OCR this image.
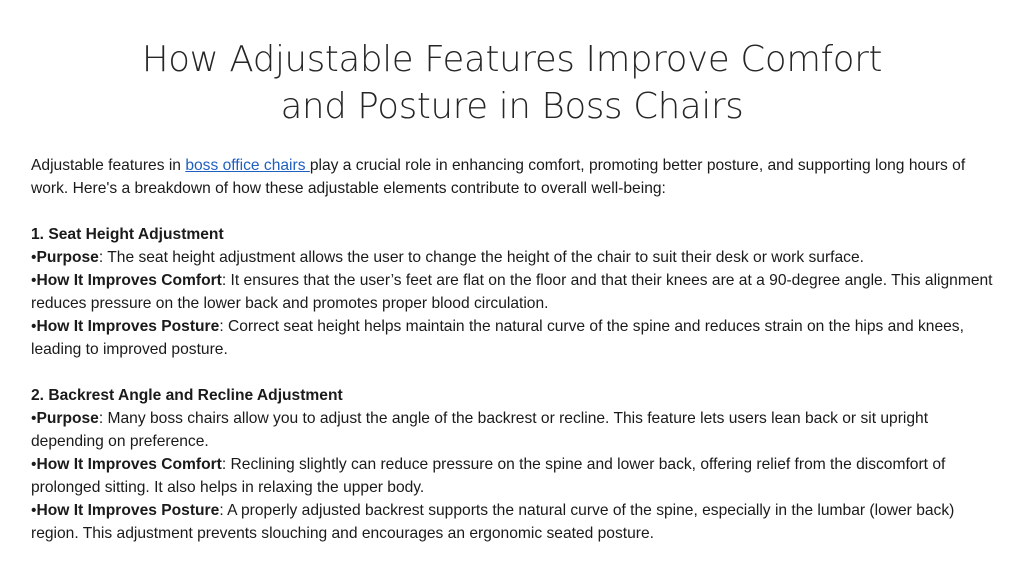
How Adjustable Features Improve Comfort
and Posture in Boss Chairs

Adjustable features in boss office chairs play a crucial role in enhancing comfort, promoting better posture, and supporting long hours of work. Here's a breakdown of how these adjustable elements contribute to overall well-being:

1. Seat Height Adjustment

•Purpose: The seat height adjustment allows the user to change the height of the chair to suit their desk or work surface.

•How It Improves Comfort: It ensures that the user’s feet are flat on the floor and that their knees are at a 90-degree angle. This alignment reduces pressure on the lower back and promotes proper blood circulation.

•How It Improves Posture: Correct seat height helps maintain the natural curve of the spine and reduces strain on the hips and knees, leading to improved posture.

2. Backrest Angle and Recline Adjustment

•Purpose: Many boss chairs allow you to adjust the angle of the backrest or recline. This feature lets users lean back or sit upright depending on preference.

•How It Improves Comfort: Reclining slightly can reduce pressure on the spine and lower back, offering relief from the discomfort of prolonged sitting. It also helps in relaxing the upper body.

•How It Improves Posture: A properly adjusted backrest supports the natural curve of the spine, especially in the lumbar (lower back) region. This adjustment prevents slouching and encourages an ergonomic seated posture.
